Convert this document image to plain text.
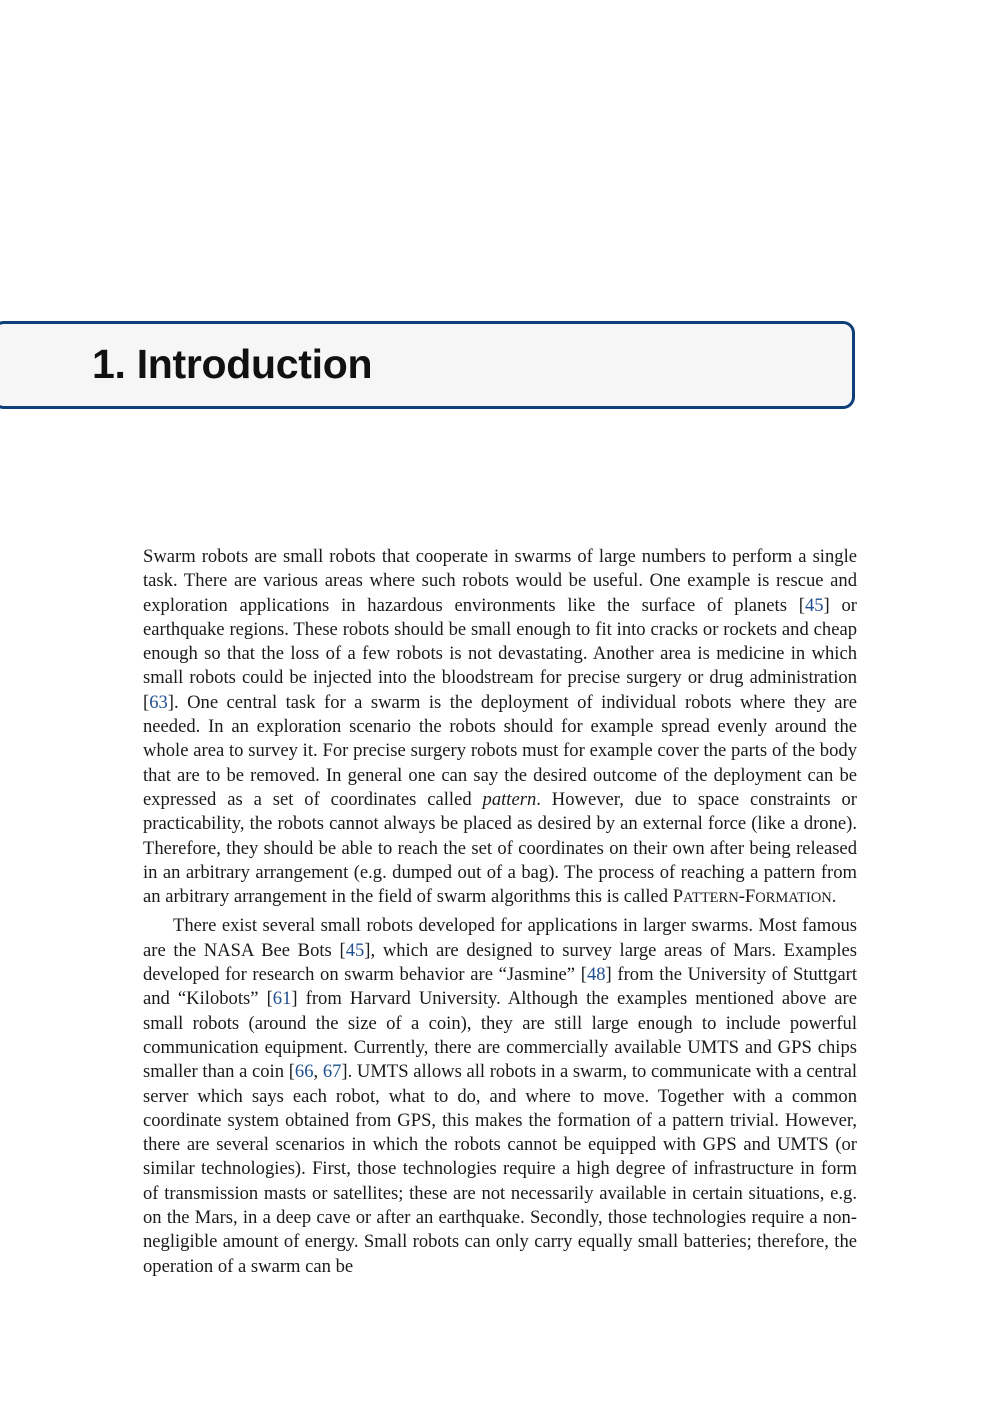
1. Introduction

Swarm robots are small robots that cooperate in swarms of large numbers to perform a single task. There are various areas where such robots would be useful. One example is rescue and exploration applications in hazardous environments like the surface of planets [45] or earthquake regions. These robots should be small enough to fit into cracks or rockets and cheap enough so that the loss of a few robots is not devastating. Another area is medicine in which small robots could be injected into the bloodstream for precise surgery or drug administration [63]. One central task for a swarm is the deployment of individual robots where they are needed. In an exploration scenario the robots should for example spread evenly around the whole area to survey it. For precise surgery robots must for example cover the parts of the body that are to be removed. In general one can say the desired outcome of the deployment can be expressed as a set of coordinates called pattern. However, due to space constraints or practicability, the robots cannot always be placed as desired by an external force (like a drone). Therefore, they should be able to reach the set of coordinates on their own after being released in an arbitrary arrangement (e.g. dumped out of a bag). The process of reaching a pattern from an arbitrary arrangement in the field of swarm algorithms this is called PATTERN-FORMATION.

There exist several small robots developed for applications in larger swarms. Most famous are the NASA Bee Bots [45], which are designed to survey large areas of Mars. Examples developed for research on swarm behavior are “Jasmine” [48] from the University of Stuttgart and “Kilobots” [61] from Harvard University. Although the examples mentioned above are small robots (around the size of a coin), they are still large enough to include powerful communication equipment. Currently, there are commercially available UMTS and GPS chips smaller than a coin [66, 67]. UMTS allows all robots in a swarm, to communicate with a central server which says each robot, what to do, and where to move. Together with a common coordinate system obtained from GPS, this makes the formation of a pattern trivial. However, there are several scenarios in which the robots cannot be equipped with GPS and UMTS (or similar technologies). First, those technologies require a high degree of infrastructure in form of transmission masts or satellites; these are not necessarily available in certain situations, e.g. on the Mars, in a deep cave or after an earthquake. Secondly, those technologies require a non-negligible amount of energy. Small robots can only carry equally small batteries; therefore, the operation of a swarm can be
